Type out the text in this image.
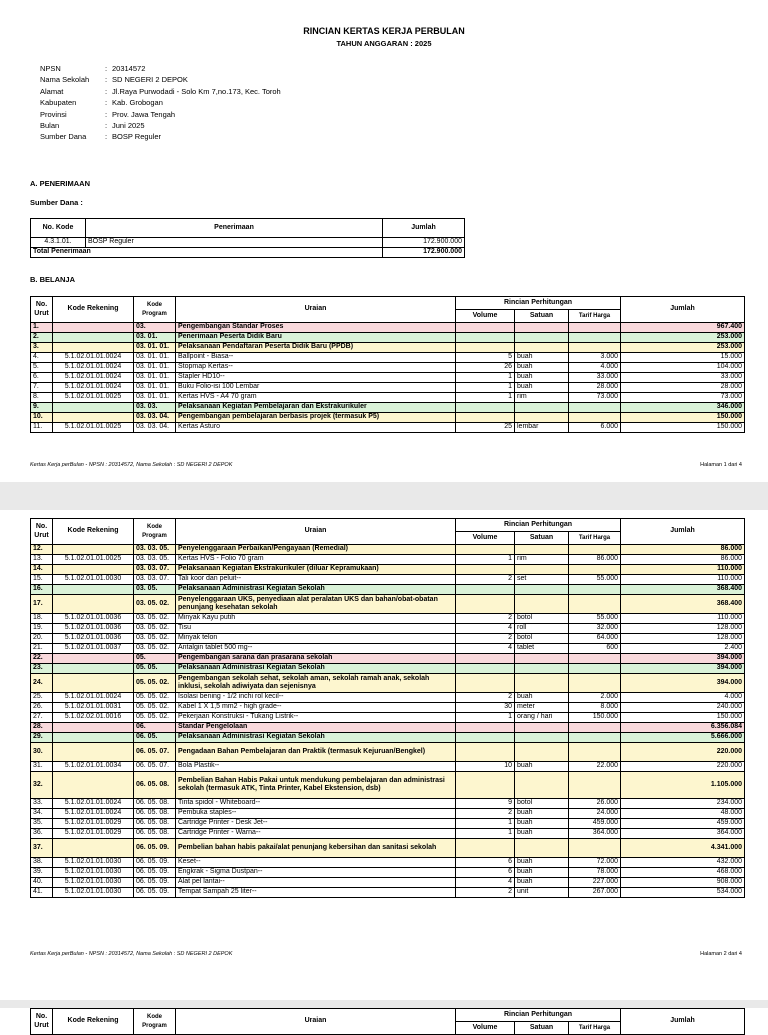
RINCIAN KERTAS KERJA PERBULAN
TAHUN ANGGARAN : 2025
NPSN	: 20314572
Nama Sekolah	: SD NEGERI 2 DEPOK
Alamat	: Jl.Raya Purwodadi - Solo Km 7,no.173, Kec. Toroh
Kabupaten	: Kab. Grobogan
Provinsi	: Prov. Jawa Tengah
Bulan	: Juni 2025
Sumber Dana	: BOSP Reguler
A. PENERIMAAN
Sumber Dana :
No. Kode	Penerimaan	Jumlah
4.3.1.01.	BOSP Reguler	172.900.000
Total Penerimaan		172.900.000
B. BELANJA
No. Urut	Kode Rekening	Kode Program	Uraian	Rincian Perhitungan			Jumlah
				Volume	Satuan	Tarif Harga	
1.		03.	Pengembangan Standar Proses				967.400
2.		03. 01.	Penerimaan Peserta Didik Baru				253.000
3.		03. 01. 01.	Pelaksanaan Pendaftaran Peserta Didik Baru (PPDB)				253.000
4.	5.1.02.01.01.0024	03. 01. 01.	Ballpoint - Biasa--	5	buah	3.000	15.000
5.	5.1.02.01.01.0024	03. 01. 01.	Stopmap Kertas--	26	buah	4.000	104.000
6.	5.1.02.01.01.0024	03. 01. 01.	Stapler HD10--	1	buah	33.000	33.000
7.	5.1.02.01.01.0024	03. 01. 01.	Buku Folio-isi 100 Lembar	1	buah	28.000	28.000
8.	5.1.02.01.01.0025	03. 01. 01.	Kertas HVS - A4 70 gram	1	rim	73.000	73.000
9.		03. 03.	Pelaksanaan Kegiatan Pembelajaran dan Ekstrakurikuler				346.000
10.		03. 03. 04.	Pengembangan pembelajaran berbasis projek (termasuk P5)				150.000
11.	5.1.02.01.01.0025	03. 03. 04.	Kertas Asturo	25	lembar	6.000	150.000
Kertas Kerja perBulan - NPSN : 20314572, Nama Sekolah : SD NEGERI 2 DEPOK	Halaman 1 dari 4
No. Urut	Kode Rekening	Kode Program	Uraian	Rincian Perhitungan			Jumlah
				Volume	Satuan	Tarif Harga	
12.		03. 03. 05.	Penyelenggaraan Perbaikan/Pengayaan (Remedial)				86.000
13.	5.1.02.01.01.0025	03. 03. 05.	Kertas HVS - Folio 70 gram	1	rim	86.000	86.000
14.		03. 03. 07.	Pelaksanaan Kegiatan Ekstrakurikuler (diluar Kepramukaan)				110.000
15.	5.1.02.01.01.0030	03. 03. 07.	Tali koor dan peluit--	2	set	55.000	110.000
16.		03. 05.	Pelaksanaan Administrasi Kegiatan Sekolah				368.400
17.		03. 05. 02.	Penyelenggaraan UKS, penyediaan alat peralatan UKS dan bahan/obat-obatan penunjang kesehatan sekolah				368.400
18.	5.1.02.01.01.0036	03. 05. 02.	Minyak Kayu putih	2	botol	55.000	110.000
19.	5.1.02.01.01.0036	03. 05. 02.	Tisu	4	roll	32.000	128.000
20.	5.1.02.01.01.0036	03. 05. 02.	Minyak telon	2	botol	64.000	128.000
21.	5.1.02.01.01.0037	03. 05. 02.	Antalgin tablet 500 mg--	4	tablet	600	2.400
22.		05.	Pengembangan sarana dan prasarana sekolah				394.000
23.		05. 05.	Pelaksanaan Administrasi Kegiatan Sekolah				394.000
24.		05. 05. 02.	Pengembangan sekolah sehat, sekolah aman, sekolah ramah anak, sekolah inklusi, sekolah adiwiyata dan sejenisnya				394.000
25.	5.1.02.01.01.0024	05. 05. 02.	Isolasi bening - 1/2 inchi rol kecil--	2	buah	2.000	4.000
26.	5.1.02.01.01.0031	05. 05. 02.	Kabel 1 X 1,5 mm2 - high grade--	30	meter	8.000	240.000
27.	5.1.02.02.01.0016	05. 05. 02.	Pekerjaan Konstruksi - Tukang Listrik--	1	orang / hari	150.000	150.000
28.		06.	Standar Pengelolaan				6.356.084
29.		06. 05.	Pelaksanaan Administrasi Kegiatan Sekolah				5.666.000
30.		06. 05. 07.	Pengadaan Bahan Pembelajaran dan Praktik (termasuk Kejuruan/Bengkel)				220.000
31.	5.1.02.01.01.0034	06. 05. 07.	Bola Plastik--	10	buah	22.000	220.000
32.		06. 05. 08.	Pembelian Bahan Habis Pakai untuk mendukung pembelajaran dan administrasi sekolah (termasuk ATK, Tinta Printer, Kabel Ekstension, dsb)				1.105.000
33.	5.1.02.01.01.0024	06. 05. 08.	Tinta spidol - Whiteboard--	9	botol	26.000	234.000
34.	5.1.02.01.01.0024	06. 05. 08.	Pembuka staples--	2	buah	24.000	48.000
35.	5.1.02.01.01.0029	06. 05. 08.	Cartridge Printer - Desk Jet--	1	buah	459.000	459.000
36.	5.1.02.01.01.0029	06. 05. 08.	Cartridge Printer - Warna--	1	buah	364.000	364.000
37.		06. 05. 09.	Pembelian bahan habis pakai/alat penunjang kebersihan dan sanitasi sekolah				4.341.000
38.	5.1.02.01.01.0030	06. 05. 09.	Keset--	6	buah	72.000	432.000
39.	5.1.02.01.01.0030	06. 05. 09.	Engkrak - Sigma Dustpan--	6	buah	78.000	468.000
40.	5.1.02.01.01.0030	06. 05. 09.	Alat pel lantai--	4	buah	227.000	908.000
41.	5.1.02.01.01.0030	06. 05. 09.	Tempat Sampah 25 liter--	2	unit	267.000	534.000
Kertas Kerja perBulan - NPSN : 20314572, Nama Sekolah : SD NEGERI 2 DEPOK	Halaman 2 dari 4
No. Urut	Kode Rekening	Kode Program	Uraian	Rincian Perhitungan			Jumlah
				Volume	Satuan	Tarif Harga	
